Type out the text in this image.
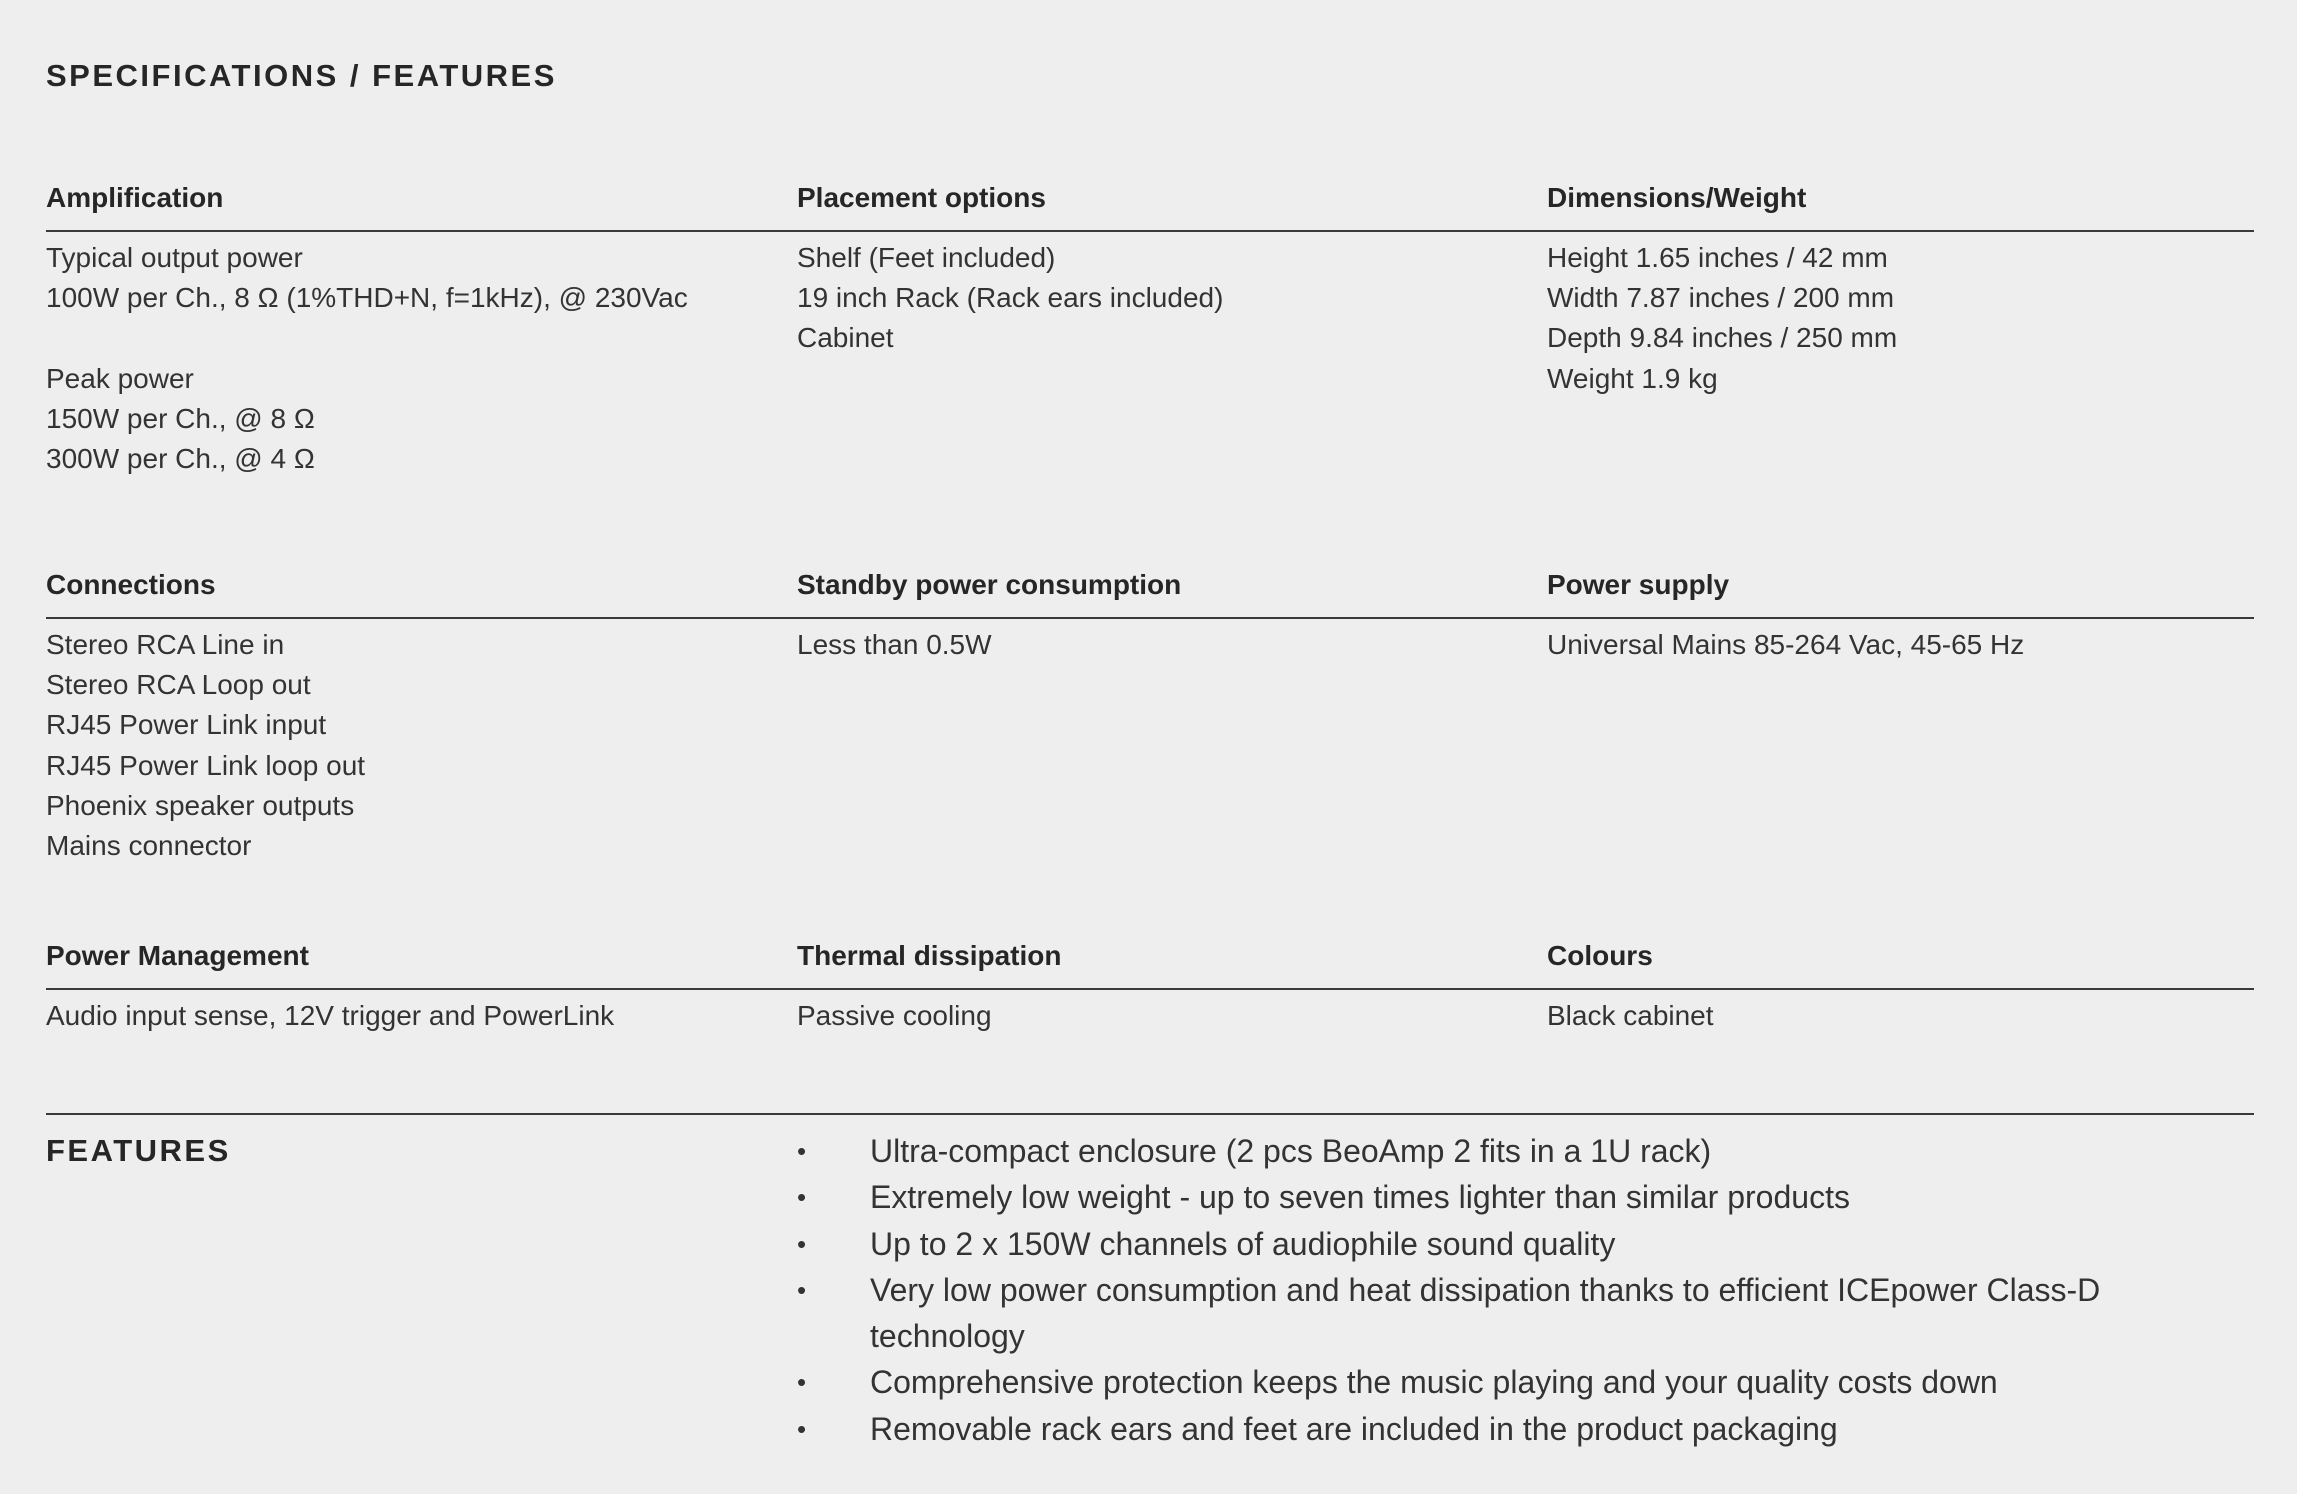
SPECIFICATIONS / FEATURES
Amplification
Typical output power
100W per Ch., 8 Ω (1%THD+N, f=1kHz), @ 230Vac
Peak power
150W per Ch., @ 8 Ω
300W per Ch., @ 4 Ω
Placement options
Shelf (Feet included)
19 inch Rack (Rack ears included)
Cabinet
Dimensions/Weight
Height 1.65 inches / 42 mm
Width 7.87 inches / 200 mm
Depth 9.84 inches / 250 mm
Weight 1.9 kg
Connections
Stereo RCA Line in
Stereo RCA Loop out
RJ45 Power Link input
RJ45 Power Link loop out
Phoenix speaker outputs
Mains connector
Standby power consumption
Less than 0.5W
Power supply
Universal Mains 85-264 Vac, 45-65 Hz
Power Management
Audio input sense, 12V trigger and PowerLink
Thermal dissipation
Passive cooling
Colours
Black cabinet
FEATURES	• Ultra-compact enclosure (2 pcs BeoAmp 2 fits in a 1U rack)
• Extremely low weight - up to seven times lighter than similar products
• Up to 2 x 150W channels of audiophile sound quality
• Very low power consumption and heat dissipation thanks to efficient ICEpower Class-D technology
• Comprehensive protection keeps the music playing and your quality costs down
• Removable rack ears and feet are included in the product packaging
